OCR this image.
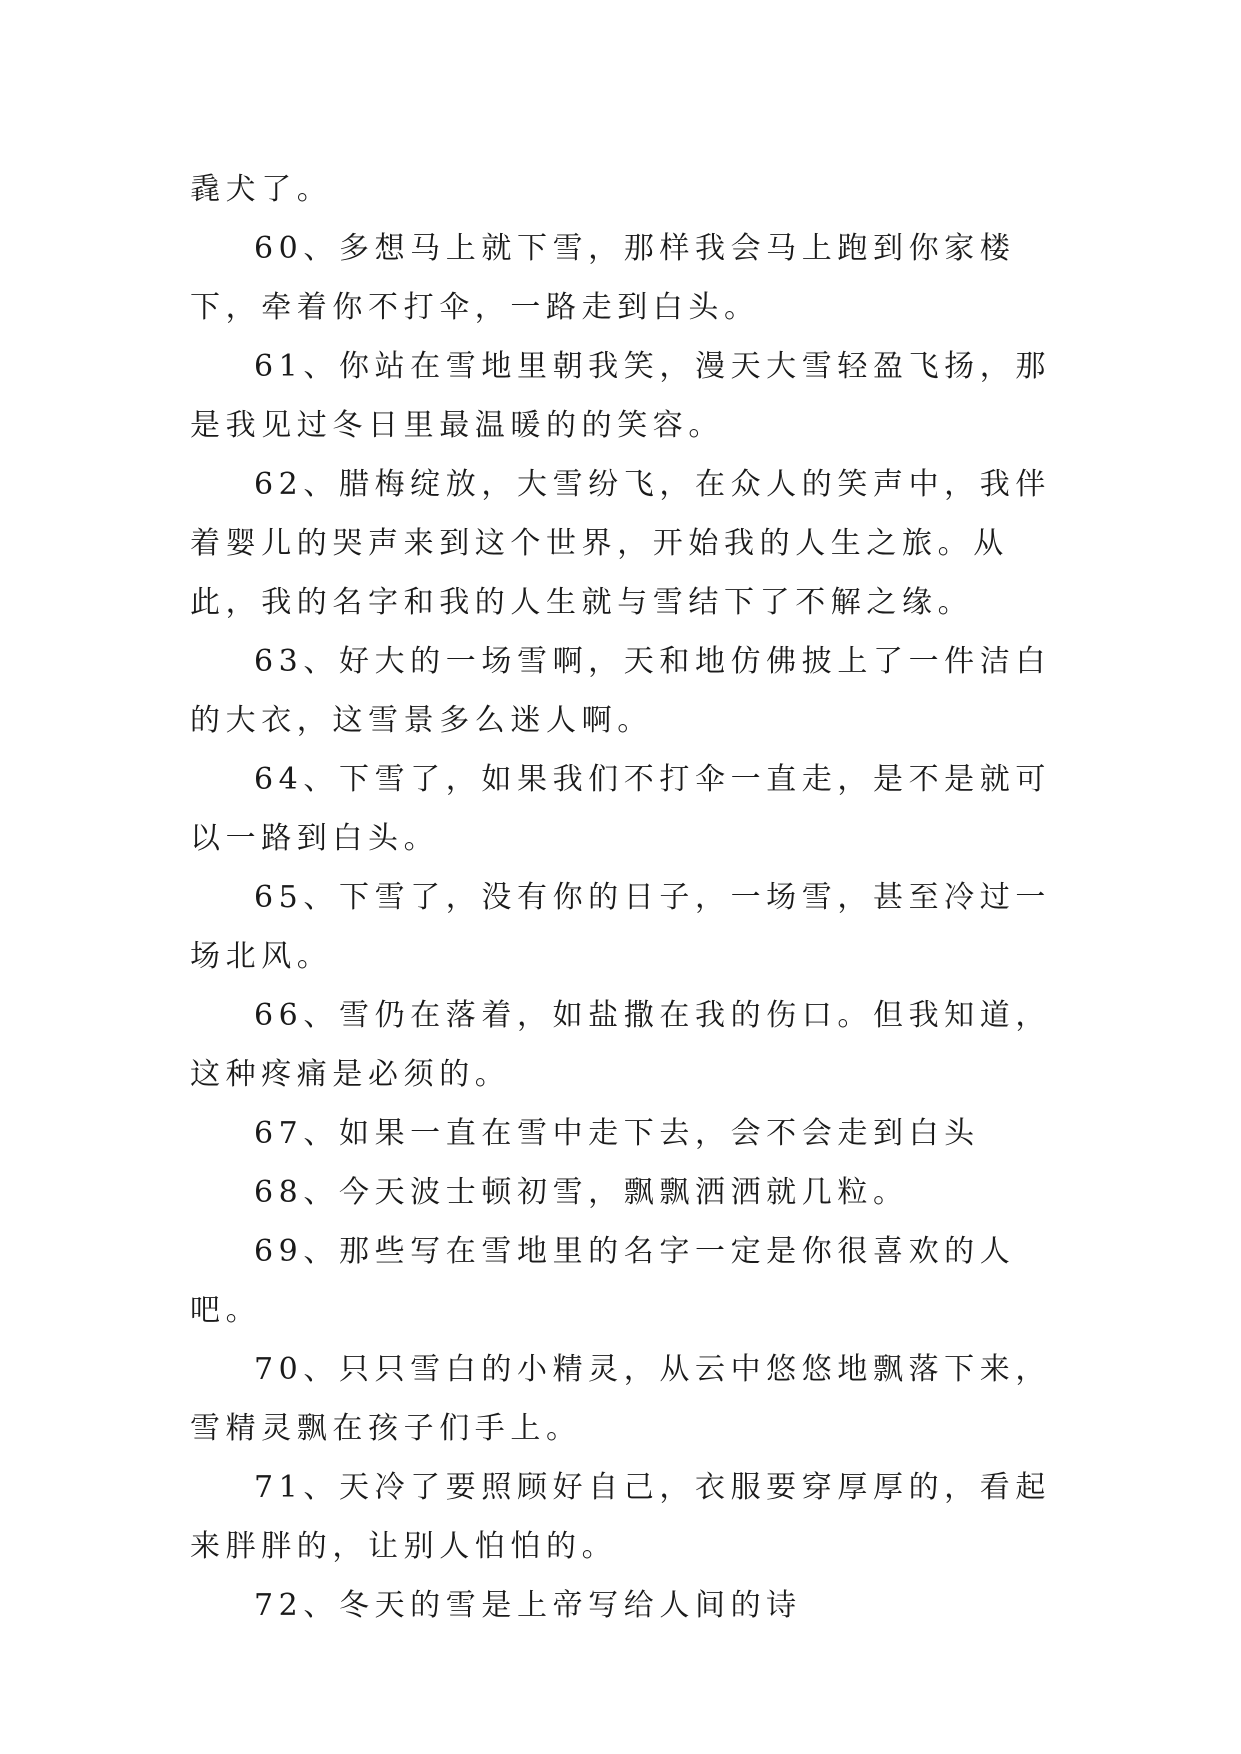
毳犬了。

60、多想马上就下雪，那样我会马上跑到你家楼下，牵着你不打伞，一路走到白头。

61、你站在雪地里朝我笑，漫天大雪轻盈飞扬，那是我见过冬日里最温暖的的笑容。

62、腊梅绽放，大雪纷飞，在众人的笑声中，我伴着婴儿的哭声来到这个世界，开始我的人生之旅。从此，我的名字和我的人生就与雪结下了不解之缘。

63、好大的一场雪啊，天和地仿佛披上了一件洁白的大衣，这雪景多么迷人啊。

64、下雪了，如果我们不打伞一直走，是不是就可以一路到白头。

65、下雪了，没有你的日子，一场雪，甚至冷过一场北风。

66、雪仍在落着，如盐撒在我的伤口。但我知道，这种疼痛是必须的。

67、如果一直在雪中走下去，会不会走到白头

68、今天波士顿初雪，飘飘洒洒就几粒。

69、那些写在雪地里的名字一定是你很喜欢的人吧。

70、只只雪白的小精灵，从云中悠悠地飘落下来，雪精灵飘在孩子们手上。

71、天冷了要照顾好自己，衣服要穿厚厚的，看起来胖胖的，让别人怕怕的。

72、冬天的雪是上帝写给人间的诗
